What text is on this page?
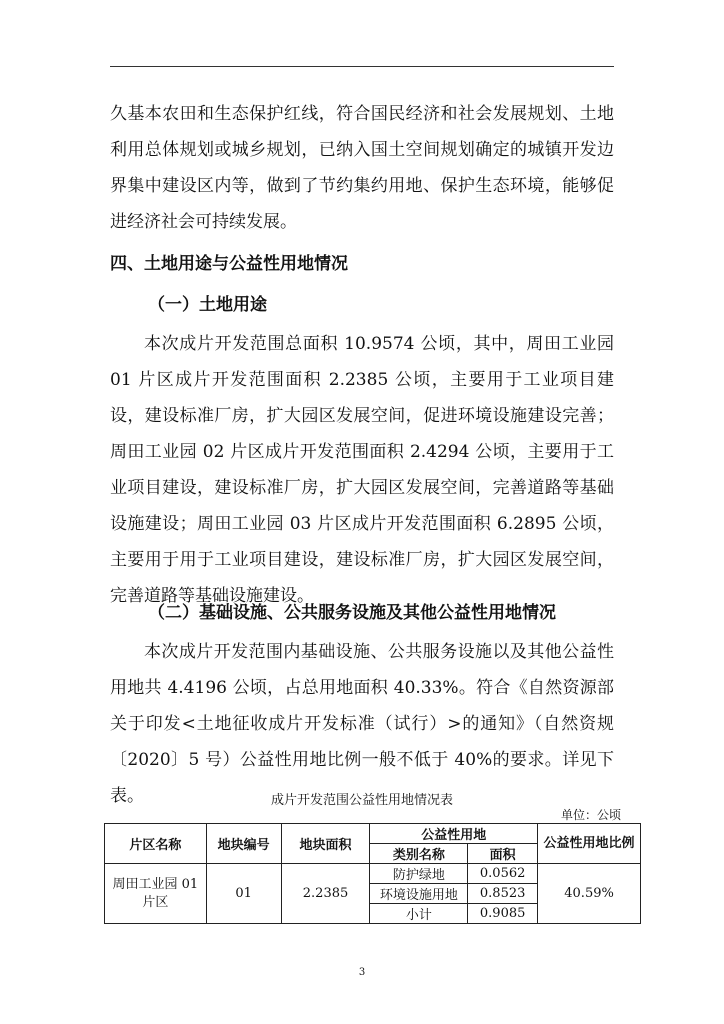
久基本农田和生态保护红线，符合国民经济和社会发展规划、土地利用总体规划或城乡规划，已纳入国土空间规划确定的城镇开发边界集中建设区内等，做到了节约集约用地、保护生态环境，能够促进经济社会可持续发展。
四、土地用途与公益性用地情况
（一）土地用途
本次成片开发范围总面积 10.9574 公顷，其中，周田工业园 01 片区成片开发范围面积 2.2385 公顷，主要用于工业项目建设，建设标准厂房，扩大园区发展空间，促进环境设施建设完善；周田工业园 02 片区成片开发范围面积 2.4294 公顷，主要用于工业项目建设，建设标准厂房，扩大园区发展空间，完善道路等基础设施建设；周田工业园 03 片区成片开发范围面积 6.2895 公顷，主要用于用于工业项目建设，建设标准厂房，扩大园区发展空间，完善道路等基础设施建设。
（二）基础设施、公共服务设施及其他公益性用地情况
本次成片开发范围内基础设施、公共服务设施以及其他公益性用地共 4.4196 公顷，占总用地面积 40.33%。符合《自然资源部关于印发<土地征收成片开发标准（试行）>的通知》（自然资规〔2020〕5 号）公益性用地比例一般不低于 40%的要求。详见下表。	成片开发范围公益性用地情况表
单位：公顷
片区名称	地块编号	地块面积	公益性用地		公益性用地比例
			类别名称	面积	
周田工业园 01 片区	01	2.2385	防护绿地	0.0562	40.59%
			环境设施用地	0.8523	
			小计	0.9085	
3
